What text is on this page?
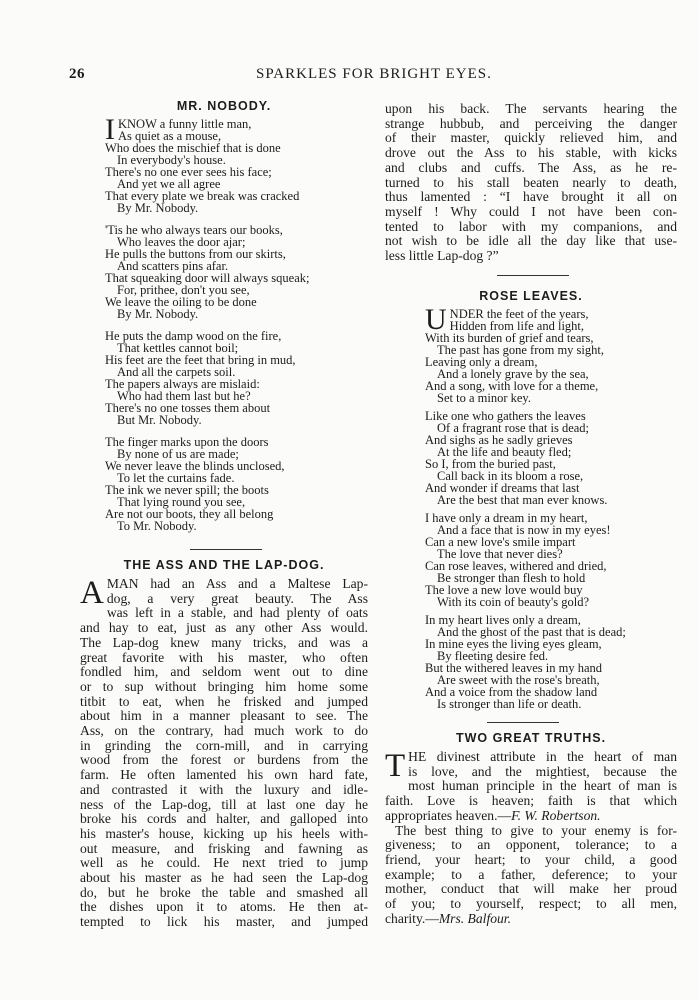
26	SPARKLES FOR BRIGHT EYES.
MR. NOBODY.
I KNOW a funny little man,
As quiet as a mouse,
Who does the mischief that is done
In everybody's house.
There's no one ever sees his face;
And yet we all agree
That every plate we break was cracked
By Mr. Nobody.
'Tis he who always tears our books,
Who leaves the door ajar;
He pulls the buttons from our skirts,
And scatters pins afar.
That squeaking door will always squeak;
For, prithee, don't you see,
We leave the oiling to be done
By Mr. Nobody.
He puts the damp wood on the fire,
That kettles cannot boil;
His feet are the feet that bring in mud,
And all the carpets soil.
The papers always are mislaid:
Who had them last but he?
There's no one tosses them about
But Mr. Nobody.
The finger marks upon the doors
By none of us are made;
We never leave the blinds unclosed,
To let the curtains fade.
The ink we never spill; the boots
That lying round you see,
Are not our boots, they all belong
To Mr. Nobody.
THE ASS AND THE LAP-DOG.
A MAN had an Ass and a Maltese Lap-
dog, a very great beauty. The Ass
was left in a stable, and had plenty of oats
and hay to eat, just as any other Ass would.
The Lap-dog knew many tricks, and was a
great favorite with his master, who often
fondled him, and seldom went out to dine
or to sup without bringing him home some
titbit to eat, when he frisked and jumped
about him in a manner pleasant to see. The
Ass, on the contrary, had much work to do
in grinding the corn-mill, and in carrying
wood from the forest or burdens from the
farm. He often lamented his own hard fate,
and contrasted it with the luxury and idle-
ness of the Lap-dog, till at last one day he
broke his cords and halter, and galloped into
his master's house, kicking up his heels with-
out measure, and frisking and fawning as
well as he could. He next tried to jump
about his master as he had seen the Lap-dog
do, but he broke the table and smashed all
the dishes upon it to atoms. He then at-
tempted to lick his master, and jumped
upon his back. The servants hearing the
strange hubbub, and perceiving the danger
of their master, quickly relieved him, and
drove out the Ass to his stable, with kicks
and clubs and cuffs. The Ass, as he re-
turned to his stall beaten nearly to death,
thus lamented : “I have brought it all on
myself ! Why could I not have been con-
tented to labor with my companions, and
not wish to be idle all the day like that use-
less little Lap-dog ?”
ROSE LEAVES.
U NDER the feet of the years,
Hidden from life and light,
With its burden of grief and tears,
The past has gone from my sight,
Leaving only a dream,
And a lonely grave by the sea,
And a song, with love for a theme,
Set to a minor key.
Like one who gathers the leaves
Of a fragrant rose that is dead;
And sighs as he sadly grieves
At the life and beauty fled;
So I, from the buried past,
Call back in its bloom a rose,
And wonder if dreams that last
Are the best that man ever knows.
I have only a dream in my heart,
And a face that is now in my eyes!
Can a new love's smile impart
The love that never dies?
Can rose leaves, withered and dried,
Be stronger than flesh to hold
The love a new love would buy
With its coin of beauty's gold?
In my heart lives only a dream,
And the ghost of the past that is dead;
In mine eyes the living eyes gleam,
By fleeting desire fed.
But the withered leaves in my hand
Are sweet with the rose's breath,
And a voice from the shadow land
Is stronger than life or death.
TWO GREAT TRUTHS.
T HE divinest attribute in the heart of man
is love, and the mightiest, because the
most human principle in the heart of man is
faith. Love is heaven; faith is that which
appropriates heaven.—F. W. Robertson.
The best thing to give to your enemy is for-
giveness; to an opponent, tolerance; to a
friend, your heart; to your child, a good
example; to a father, deference; to your
mother, conduct that will make her proud
of you; to yourself, respect; to all men,
charity.—Mrs. Balfour.
